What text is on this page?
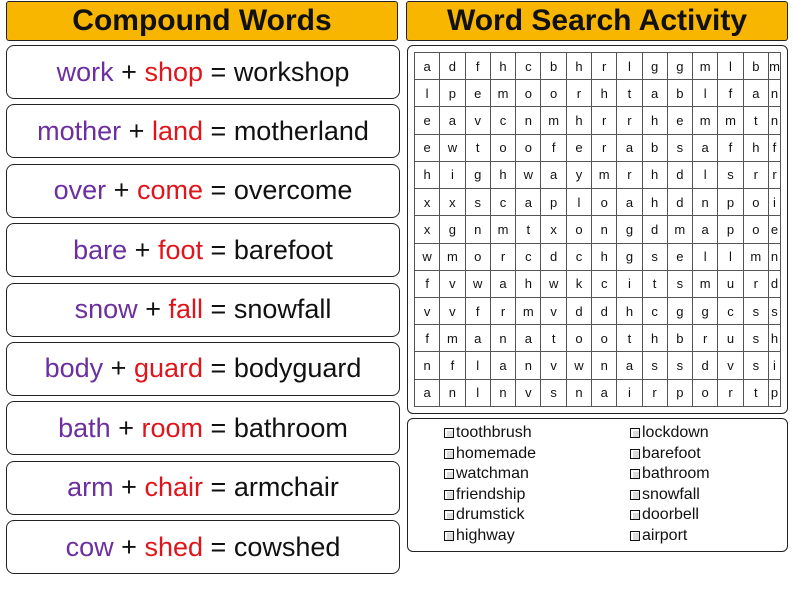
Compound Words	Word Search Activity
work
+
shop
=
workshop
mother
+
land
=
motherland
over
+
come
=
overcome
bare
+
foot
=
barefoot
snow
+
fall
=
snowfall
body
+
guard
=
bodyguard
bath
+
room
=
bathroom
arm
+
chair
=
armchair
cow
+
shed
=
cowshed
a	d	f	h	c	b	h	r	l	g	g	m	l	b	m
l	p	e	m	o	o	r	h	t	a	b	l	f	a	n
e	a	v	c	n	m	h	r	r	h	e	m	m	t	n
e	w	t	o	o	f	e	r	a	b	s	a	f	h	f
h	i	g	h	w	a	y	m	r	h	d	l	s	r	r
x	x	s	c	a	p	l	o	a	h	d	n	p	o	i
x	g	n	m	t	x	o	n	g	d	m	a	p	o	e
w	m	o	r	c	d	c	h	g	s	e	l	l	m	n
f	v	w	a	h	w	k	c	i	t	s	m	u	r	d
v	v	f	r	m	v	d	d	h	c	g	g	c	s	s
f	m	a	n	a	t	o	o	t	h	b	r	u	s	h
n	f	l	a	n	v	w	n	a	s	s	d	v	s	i
a	n	l	n	v	s	n	a	i	r	p	o	r	t	p
toothbrush
homemade
watchman
friendship
drumstick
highway
lockdown
barefoot
bathroom
snowfall
doorbell
airport
